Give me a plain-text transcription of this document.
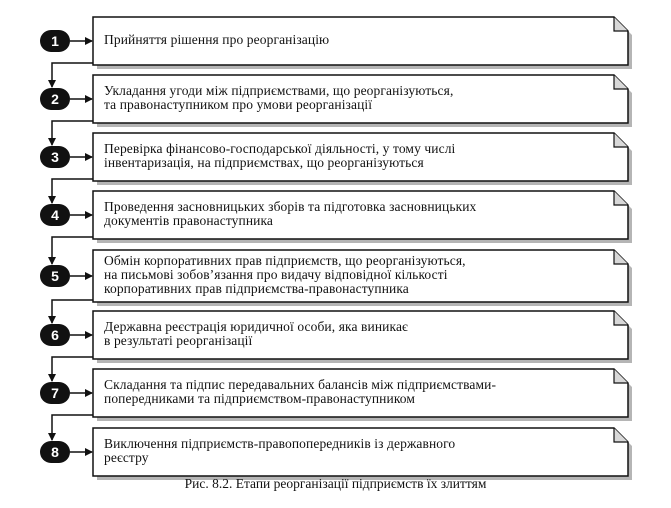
1
2
3
4
5
6
7
8
Прийняття рішення про реорганізацію
Укладання угоди між підприємствами, що реорганізуються,
та правонаступником про умови реорганізації
Перевірка фінансово-господарської діяльності, у тому числі
інвентаризація, на підприємствах, що реорганізуються
Проведення засновницьких зборів та підготовка засновницьких
документів правонаступника
Обмін корпоративних прав підприємств, що реорганізуються,
на письмові зобов’язання про видачу відповідної кількості
корпоративних прав підприємства-правонаступника
Державна реєстрація юридичної особи, яка виникає
в результаті реорганізації
Складання та підпис передавальних балансів між підприємствами-
попередниками та підприємством-правонаступником
Виключення підприємств-правопопередників із державного
реєстру
Рис. 8.2. Етапи реорганізації підприємств їх злиттям
